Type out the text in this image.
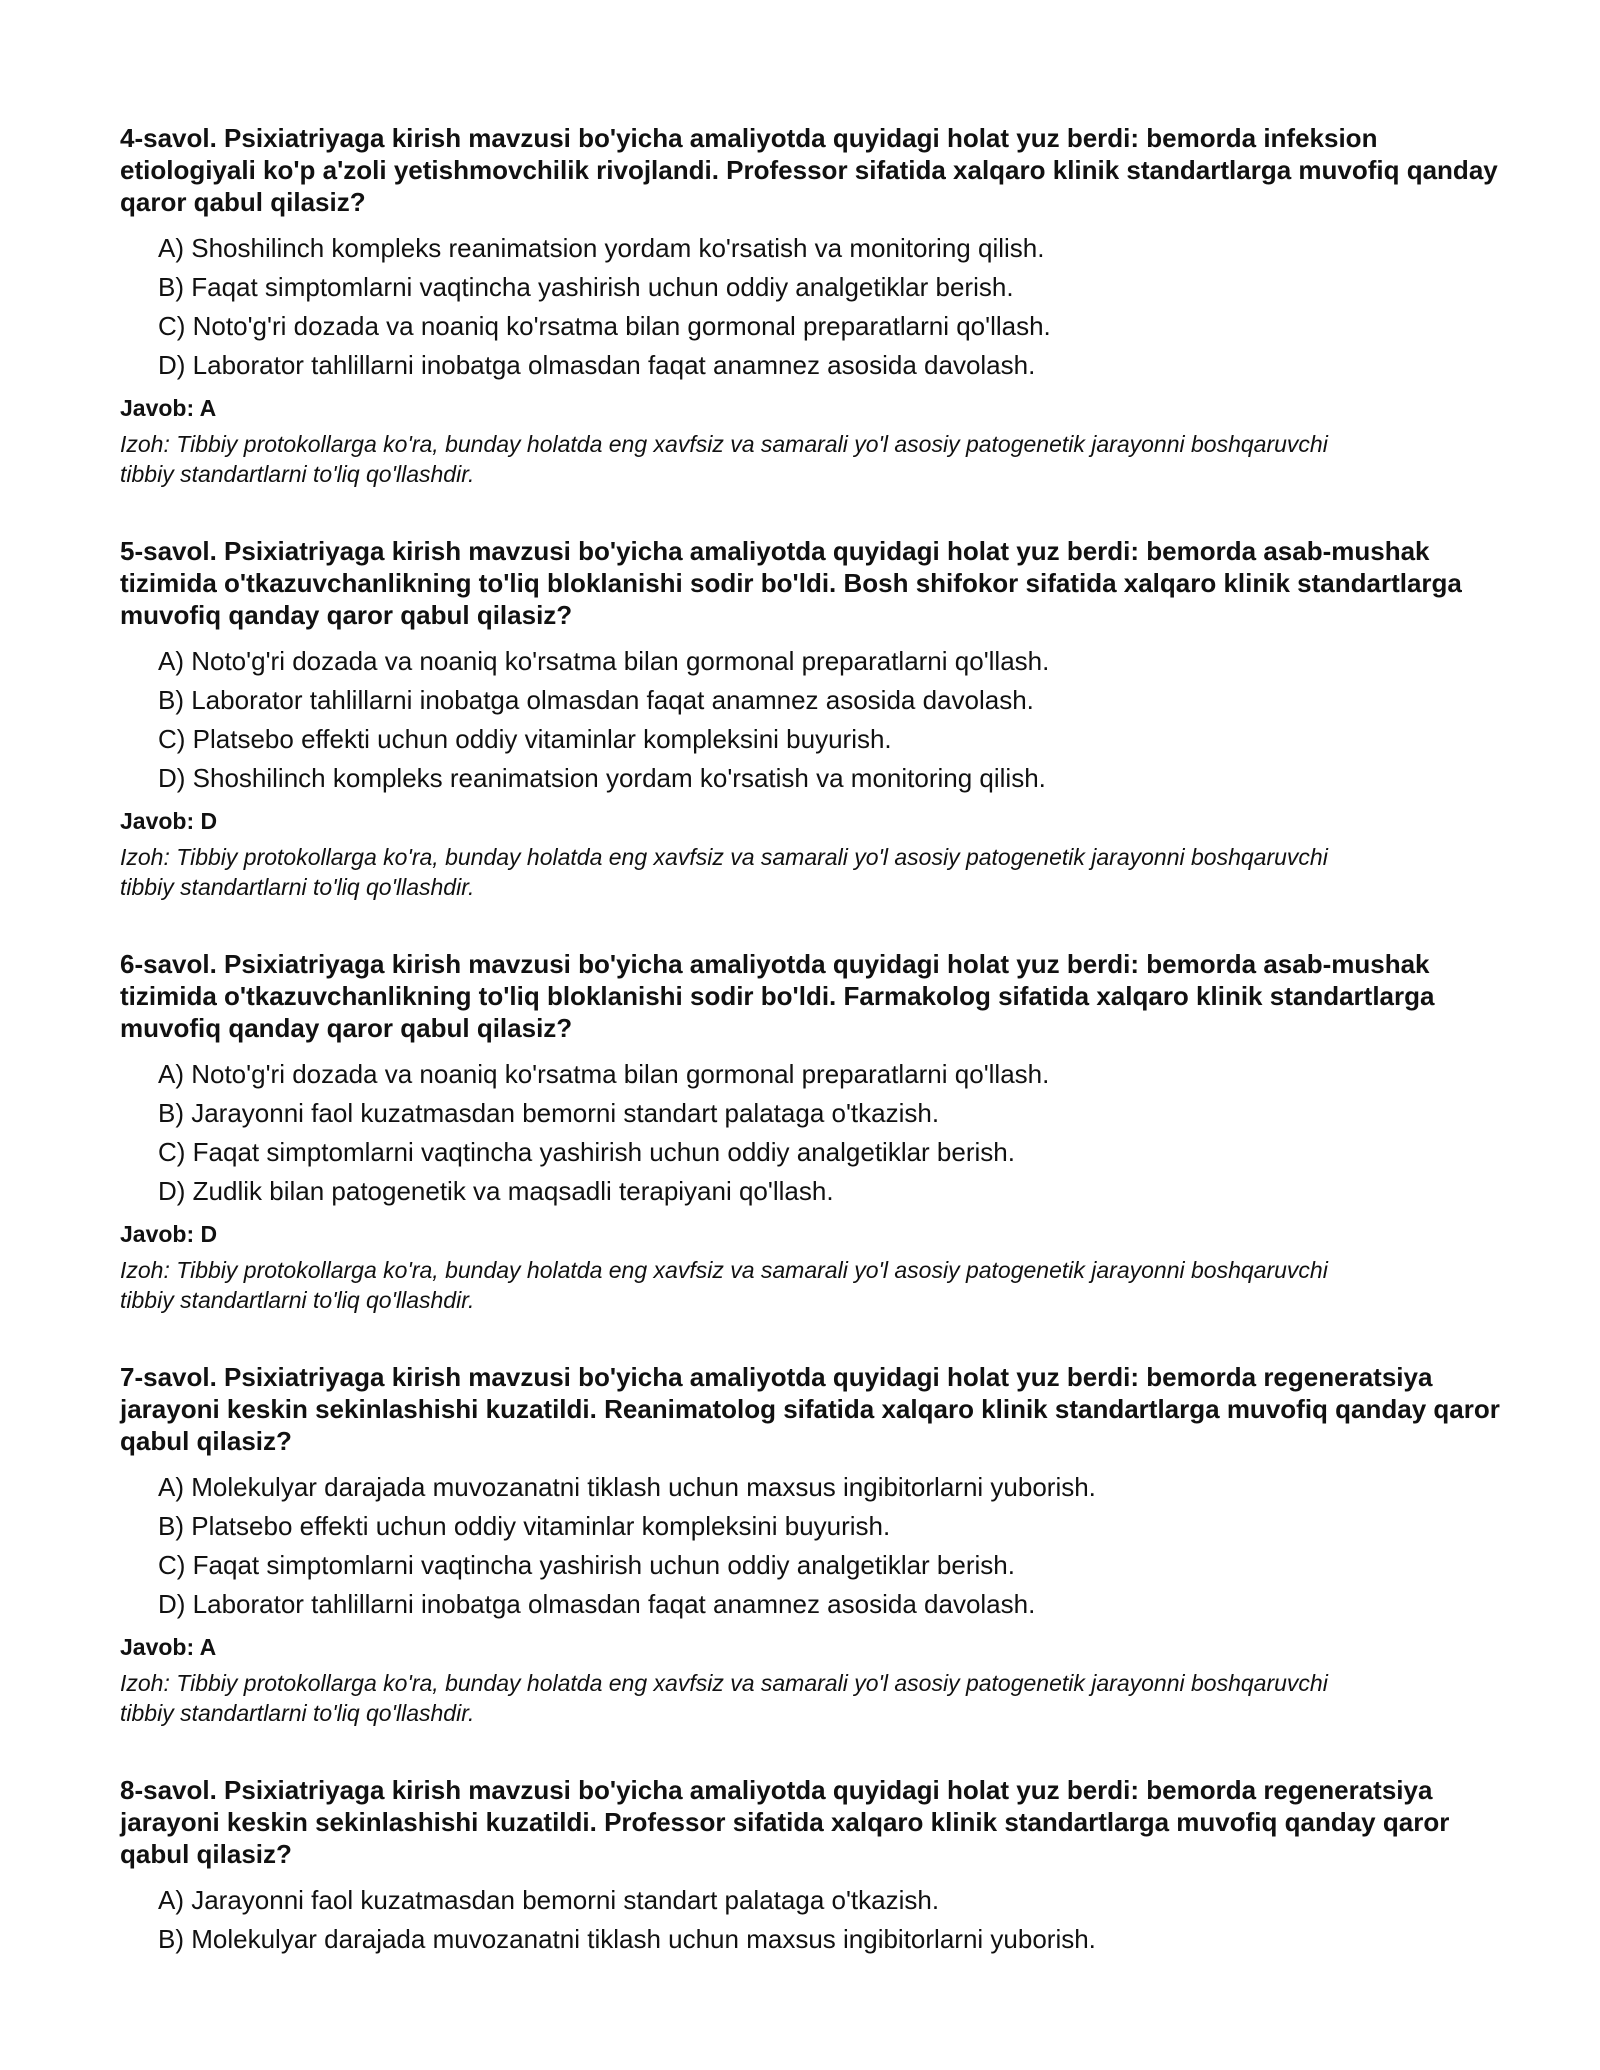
4-savol. Psixiatriyaga kirish mavzusi bo'yicha amaliyotda quyidagi holat yuz berdi: bemorda infeksion etiologiyali ko'p a'zoli yetishmovchilik rivojlandi. Professor sifatida xalqaro klinik standartlarga muvofiq qanday qaror qabul qilasiz?
A) Shoshilinch kompleks reanimatsion yordam ko'rsatish va monitoring qilish.
B) Faqat simptomlarni vaqtincha yashirish uchun oddiy analgetiklar berish.
C) Noto'g'ri dozada va noaniq ko'rsatma bilan gormonal preparatlarni qo'llash.
D) Laborator tahlillarni inobatga olmasdan faqat anamnez asosida davolash.
Javob: A
Izoh: Tibbiy protokollarga ko'ra, bunday holatda eng xavfsiz va samarali yo'l asosiy patogenetik jarayonni boshqaruvchi tibbiy standartlarni to'liq qo'llashdir.
5-savol. Psixiatriyaga kirish mavzusi bo'yicha amaliyotda quyidagi holat yuz berdi: bemorda asab-mushak tizimida o'tkazuvchanlikning to'liq bloklanishi sodir bo'ldi. Bosh shifokor sifatida xalqaro klinik standartlarga muvofiq qanday qaror qabul qilasiz?
A) Noto'g'ri dozada va noaniq ko'rsatma bilan gormonal preparatlarni qo'llash.
B) Laborator tahlillarni inobatga olmasdan faqat anamnez asosida davolash.
C) Platsebo effekti uchun oddiy vitaminlar kompleksini buyurish.
D) Shoshilinch kompleks reanimatsion yordam ko'rsatish va monitoring qilish.
Javob: D
Izoh: Tibbiy protokollarga ko'ra, bunday holatda eng xavfsiz va samarali yo'l asosiy patogenetik jarayonni boshqaruvchi tibbiy standartlarni to'liq qo'llashdir.
6-savol. Psixiatriyaga kirish mavzusi bo'yicha amaliyotda quyidagi holat yuz berdi: bemorda asab-mushak tizimida o'tkazuvchanlikning to'liq bloklanishi sodir bo'ldi. Farmakolog sifatida xalqaro klinik standartlarga muvofiq qanday qaror qabul qilasiz?
A) Noto'g'ri dozada va noaniq ko'rsatma bilan gormonal preparatlarni qo'llash.
B) Jarayonni faol kuzatmasdan bemorni standart palataga o'tkazish.
C) Faqat simptomlarni vaqtincha yashirish uchun oddiy analgetiklar berish.
D) Zudlik bilan patogenetik va maqsadli terapiyani qo'llash.
Javob: D
Izoh: Tibbiy protokollarga ko'ra, bunday holatda eng xavfsiz va samarali yo'l asosiy patogenetik jarayonni boshqaruvchi tibbiy standartlarni to'liq qo'llashdir.
7-savol. Psixiatriyaga kirish mavzusi bo'yicha amaliyotda quyidagi holat yuz berdi: bemorda regeneratsiya jarayoni keskin sekinlashishi kuzatildi. Reanimatolog sifatida xalqaro klinik standartlarga muvofiq qanday qaror qabul qilasiz?
A) Molekulyar darajada muvozanatni tiklash uchun maxsus ingibitorlarni yuborish.
B) Platsebo effekti uchun oddiy vitaminlar kompleksini buyurish.
C) Faqat simptomlarni vaqtincha yashirish uchun oddiy analgetiklar berish.
D) Laborator tahlillarni inobatga olmasdan faqat anamnez asosida davolash.
Javob: A
Izoh: Tibbiy protokollarga ko'ra, bunday holatda eng xavfsiz va samarali yo'l asosiy patogenetik jarayonni boshqaruvchi tibbiy standartlarni to'liq qo'llashdir.
8-savol. Psixiatriyaga kirish mavzusi bo'yicha amaliyotda quyidagi holat yuz berdi: bemorda regeneratsiya jarayoni keskin sekinlashishi kuzatildi. Professor sifatida xalqaro klinik standartlarga muvofiq qanday qaror qabul qilasiz?
A) Jarayonni faol kuzatmasdan bemorni standart palataga o'tkazish.
B) Molekulyar darajada muvozanatni tiklash uchun maxsus ingibitorlarni yuborish.
